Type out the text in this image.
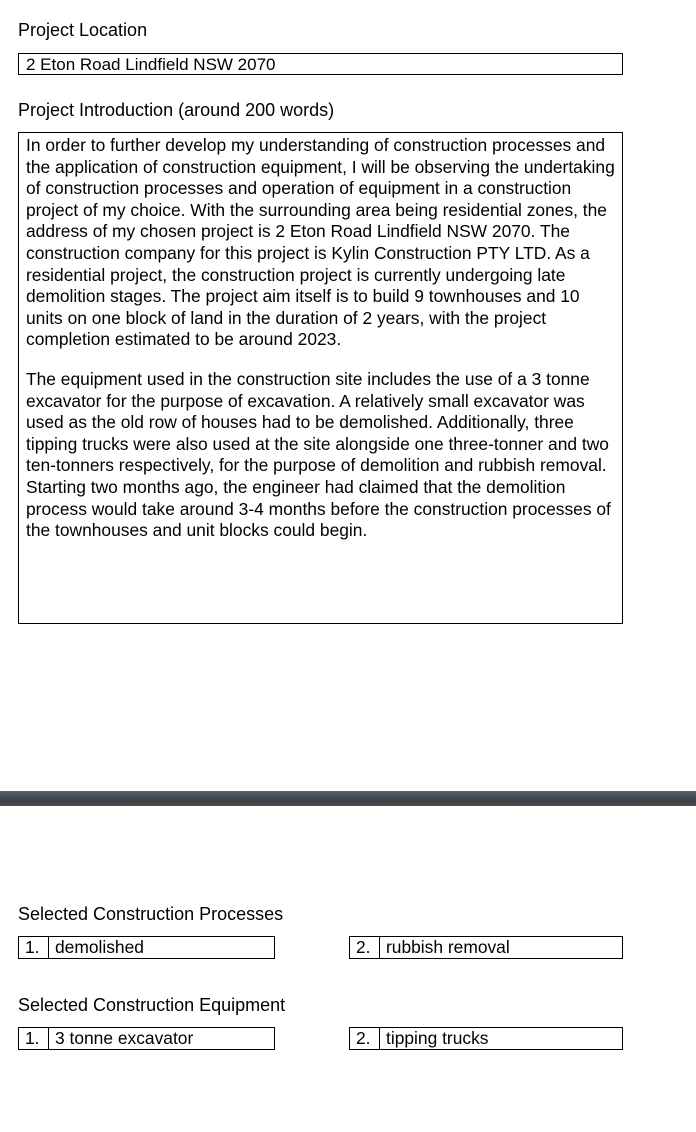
Project Location
2 Eton Road Lindfield NSW 2070
Project Introduction (around 200 words)

In order to further develop my understanding of construction processes and the application of construction equipment, I will be observing the undertaking of construction processes and operation of equipment in a construction project of my choice. With the surrounding area being residential zones, the address of my chosen project is 2 Eton Road Lindfield NSW 2070. The construction company for this project is Kylin Construction PTY LTD. As a residential project, the construction project is currently undergoing late demolition stages. The project aim itself is to build 9 townhouses and 10 units on one block of land in the duration of 2 years, with the project completion estimated to be around 2023.

The equipment used in the construction site includes the use of a 3 tonne excavator for the purpose of excavation. A relatively small excavator was used as the old row of houses had to be demolished. Additionally, three tipping trucks were also used at the site alongside one three-tonner and two ten-tonners respectively, for the purpose of demolition and rubbish removal. Starting two months ago, the engineer had claimed that the demolition process would take around 3-4 months before the construction processes of the townhouses and unit blocks could begin.

Selected Construction Processes
1. demolished	2. rubbish removal
Selected Construction Equipment
1. 3 tonne excavator	2. tipping trucks
